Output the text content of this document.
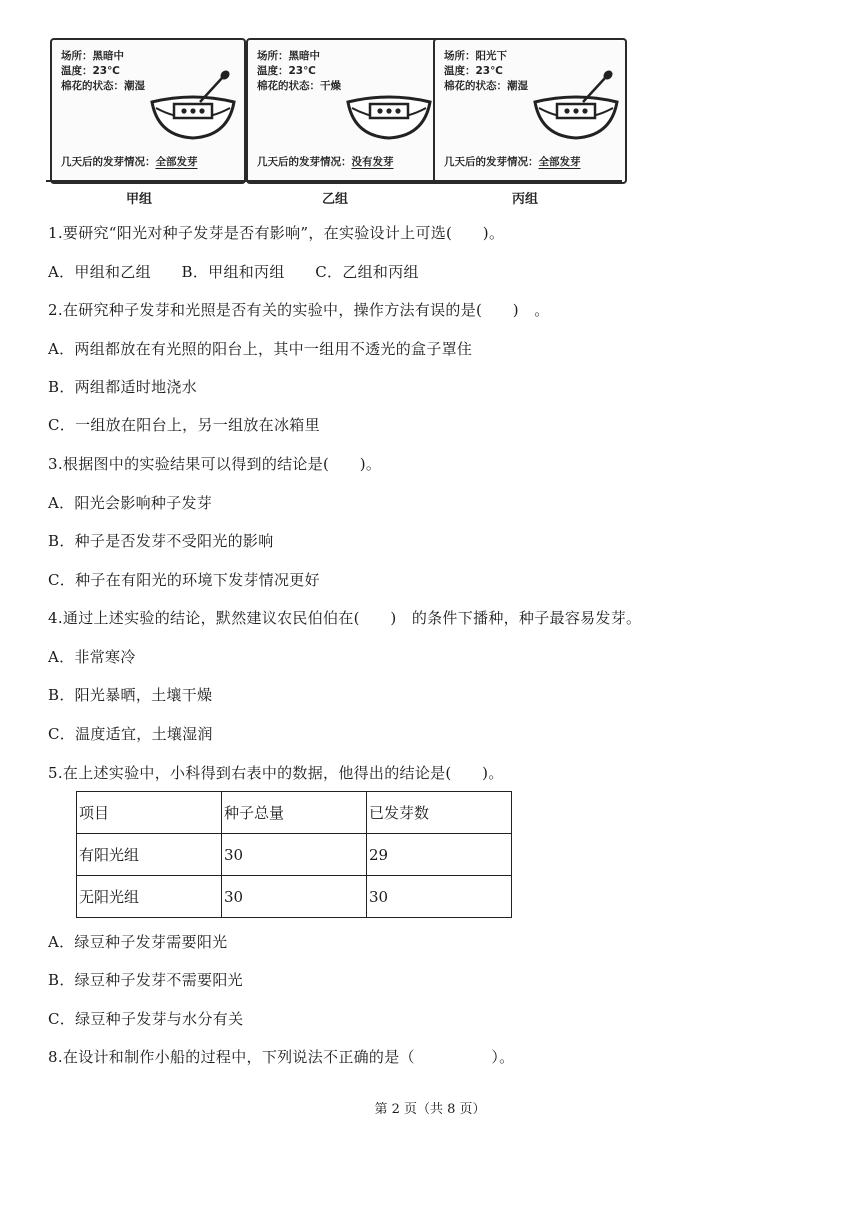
场所：黑暗中
温度：23℃
棉花的状态：潮湿
几天后的发芽情况：全部发芽
场所：黑暗中
温度：23℃
棉花的状态：干燥
几天后的发芽情况：没有发芽
场所：阳光下
温度：23℃
棉花的状态：潮湿
几天后的发芽情况：全部发芽
甲组	乙组	丙组
1.要研究“阳光对种子发芽是否有影响”，在实验设计上可选(　　)。
A．甲组和乙组　　B．甲组和丙组　　C．乙组和丙组
2.在研究种子发芽和光照是否有关的实验中，操作方法有误的是(　　)　。
A．两组都放在有光照的阳台上，其中一组用不透光的盒子罩住
B．两组都适时地浇水
C．一组放在阳台上，另一组放在冰箱里
3.根据图中的实验结果可以得到的结论是(　　)。
A．阳光会影响种子发芽
B．种子是否发芽不受阳光的影响
C．种子在有阳光的环境下发芽情况更好
4.通过上述实验的结论，默然建议农民伯伯在(　　)　的条件下播种，种子最容易发芽。
A．非常寒冷
B．阳光暴晒，土壤干燥
C．温度适宜，土壤湿润
5.在上述实验中，小科得到右表中的数据，他得出的结论是(　　)。
项目	种子总量	已发芽数
有阳光组	30	29
无阳光组	30	30
A．绿豆种子发芽需要阳光
B．绿豆种子发芽不需要阳光
C．绿豆种子发芽与水分有关
8.在设计和制作小船的过程中，下列说法不正确的是（　　　　　）。
第 2 页（共 8 页）
